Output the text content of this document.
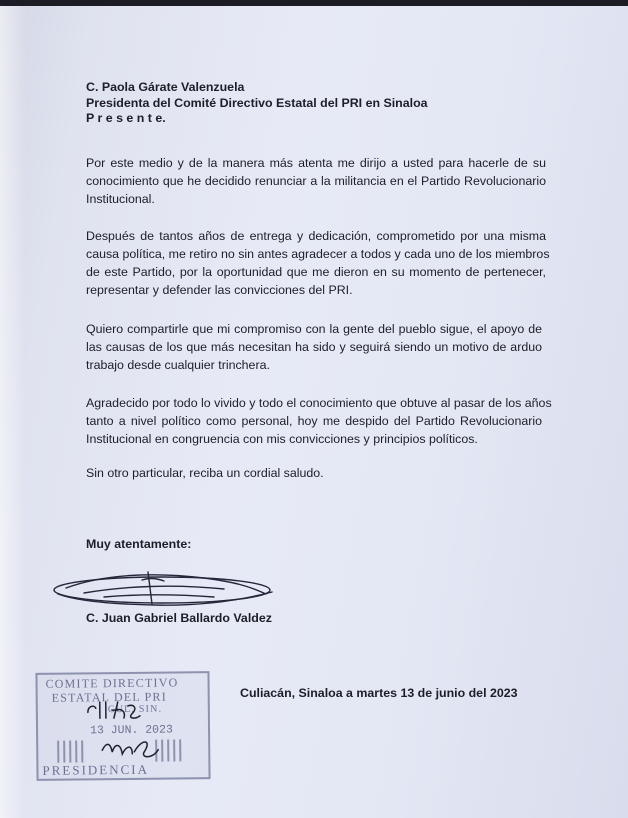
C. Paola Gárate Valenzuela
Presidenta del Comité Directivo Estatal del PRI en Sinaloa
P r e s e n t e.

Por este medio y de la manera más atenta me dirijo a usted para hacerle de su

conocimiento que he decidido renunciar a la militancia en el Partido Revolucionario

Institucional.

Después de tantos años de entrega y dedicación, comprometido por una misma

causa política, me retiro no sin antes agradecer a todos y cada uno de los miembros

de este Partido, por la oportunidad que me dieron en su momento de pertenecer,

representar y defender las convicciones del PRI.

Quiero compartirle que mi compromiso con la gente del pueblo sigue, el apoyo de

las causas de los que más necesitan ha sido y seguirá siendo un motivo de arduo

trabajo desde cualquier trinchera.

Agradecido por todo lo vivido y todo el conocimiento que obtuve al pasar de los años

tanto a nivel político como personal, hoy me despido del Partido Revolucionario

Institucional en congruencia con mis convicciones y principios políticos.

Sin otro particular, reciba un cordial saludo.
Muy atentamente:
C. Juan Gabriel Ballardo Valdez
Culiacán, Sinaloa a martes 13 de junio del 2023
COMITE DIRECTIVO
ESTATAL DEL PRI
CUL. SIN.
13 JUN. 2023
PRESIDENCIA
